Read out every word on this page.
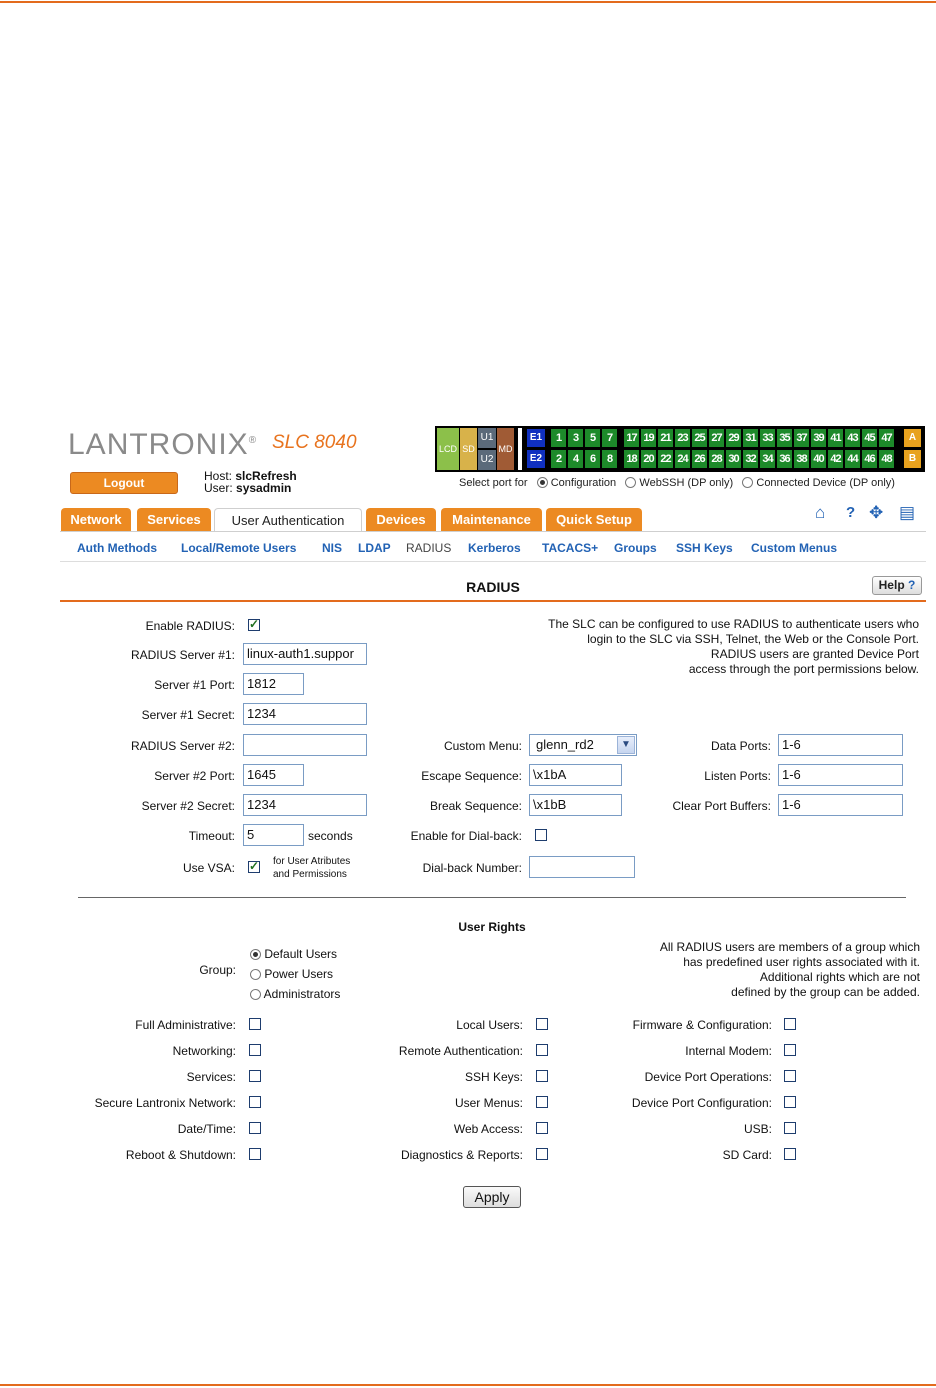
LANTRONIX® SLC 8040
Logout	Host: slcRefresh
User: sysadmin
LCD SD
U1
U2
MD
E1
E2
1	3	5	7	17 19 21 23 25 27 29 31 33 35 37 39 41 43 45 47
2	4	6	8	18 20 22 24 26 28 30 32 34 36 38 40 42 44 46 48
A
B
Select port for Configuration WebSSH (DP only) Connected Device (DP only)
Network	Services	User Authentication	Devices	Maintenance	Quick Setup	⌂ ? ✥ ▤
Auth Methods Local/Remote Users NIS LDAP RADIUS Kerberos TACACS+ Groups SSH Keys Custom Menus
RADIUS	Help ?
The SLC can be configured to use RADIUS to authenticate users who
login to the SLC via SSH, Telnet, the Web or the Console Port.
RADIUS users are granted Device Port
access through the port permissions below.
Enable RADIUS:
✓
RADIUS Server #1: linux-auth1.suppor
Server #1 Port: 1812
Server #1 Secret: 1234
RADIUS Server #2:
Server #2 Port: 1645
Server #2 Secret: 1234
Timeout: 5	seconds
Use VSA:
✓	for User Atributes
and Permissions
Custom Menu:	glenn_rd2	▼
Escape Sequence: \x1bA
Break Sequence: \x1bB
Enable for Dial-back:
Dial-back Number:
Data Ports: 1-6
Listen Ports: 1-6
Clear Port Buffers: 1-6
User Rights
Group:
Default Users
Power Users
Administrators
All RADIUS users are members of a group which
has predefined user rights associated with it.
Additional rights which are not
defined by the group can be added.
Full Administrative:
Networking:
Services:
Secure Lantronix Network:
Date/Time:
Reboot & Shutdown:
Local Users:
Remote Authentication:
SSH Keys:
User Menus:
Web Access:
Diagnostics & Reports:
Firmware & Configuration:
Internal Modem:
Device Port Operations:
Device Port Configuration:
USB:
SD Card:
Apply
